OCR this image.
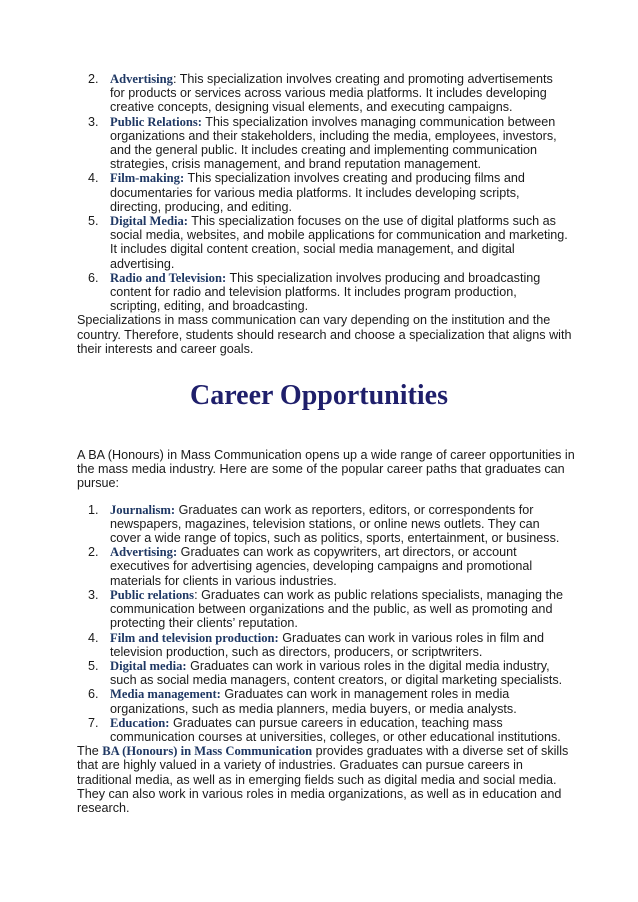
2. Advertising: This specialization involves creating and promoting advertisements for products or services across various media platforms. It includes developing creative concepts, designing visual elements, and executing campaigns.
3. Public Relations: This specialization involves managing communication between organizations and their stakeholders, including the media, employees, investors, and the general public. It includes creating and implementing communication strategies, crisis management, and brand reputation management.
4. Film-making: This specialization involves creating and producing films and documentaries for various media platforms. It includes developing scripts, directing, producing, and editing.
5. Digital Media: This specialization focuses on the use of digital platforms such as social media, websites, and mobile applications for communication and marketing. It includes digital content creation, social media management, and digital advertising.
6. Radio and Television: This specialization involves producing and broadcasting content for radio and television platforms. It includes program production, scripting, editing, and broadcasting.

Specializations in mass communication can vary depending on the institution and the country. Therefore, students should research and choose a specialization that aligns with their interests and career goals.

Career Opportunities

A BA (Honours) in Mass Communication opens up a wide range of career opportunities in the mass media industry. Here are some of the popular career paths that graduates can pursue:

1. Journalism: Graduates can work as reporters, editors, or correspondents for newspapers, magazines, television stations, or online news outlets. They can cover a wide range of topics, such as politics, sports, entertainment, or business.
2. Advertising: Graduates can work as copywriters, art directors, or account executives for advertising agencies, developing campaigns and promotional materials for clients in various industries.
3. Public relations: Graduates can work as public relations specialists, managing the communication between organizations and the public, as well as promoting and protecting their clients’ reputation.
4. Film and television production: Graduates can work in various roles in film and television production, such as directors, producers, or scriptwriters.
5. Digital media: Graduates can work in various roles in the digital media industry, such as social media managers, content creators, or digital marketing specialists.
6. Media management: Graduates can work in management roles in media organizations, such as media planners, media buyers, or media analysts.
7. Education: Graduates can pursue careers in education, teaching mass communication courses at universities, colleges, or other educational institutions.

The BA (Honours) in Mass Communication provides graduates with a diverse set of skills that are highly valued in a variety of industries. Graduates can pursue careers in traditional media, as well as in emerging fields such as digital media and social media. They can also work in various roles in media organizations, as well as in education and research.
